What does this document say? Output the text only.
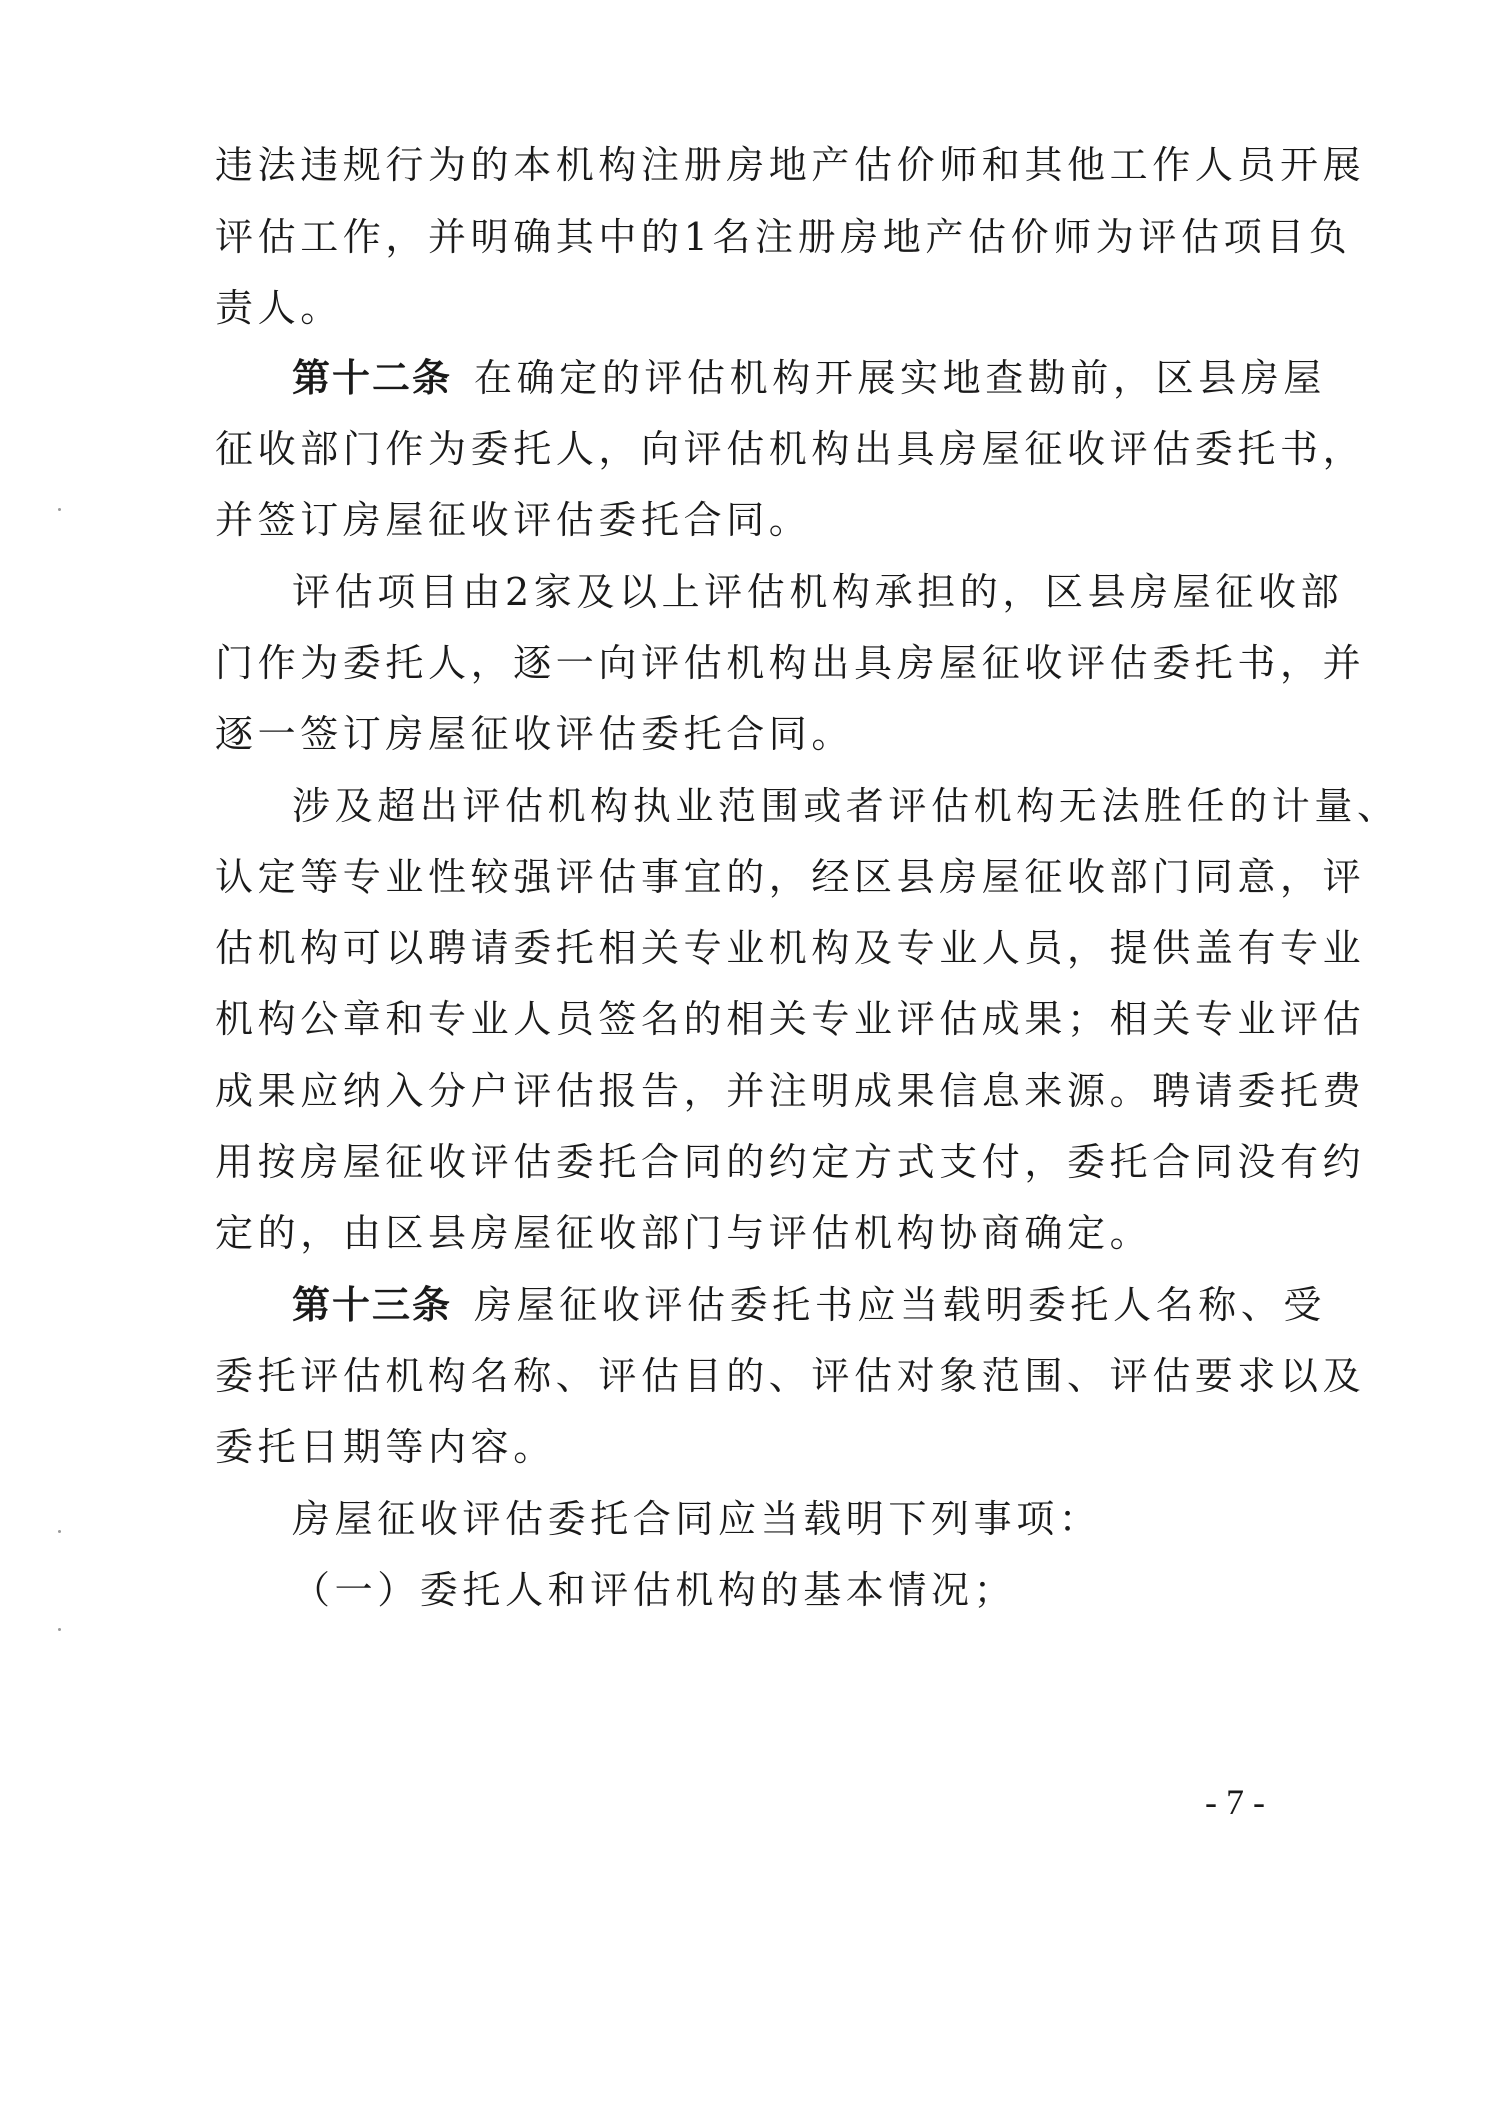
违法违规行为的本机构注册房地产估价师和其他工作人员开展
评估工作，并明确其中的1名注册房地产估价师为评估项目负
责人。
第十二条 在确定的评估机构开展实地查勘前，区县房屋
征收部门作为委托人，向评估机构出具房屋征收评估委托书，
并签订房屋征收评估委托合同。
评估项目由2家及以上评估机构承担的，区县房屋征收部
门作为委托人，逐一向评估机构出具房屋征收评估委托书，并
逐一签订房屋征收评估委托合同。
涉及超出评估机构执业范围或者评估机构无法胜任的计量、
认定等专业性较强评估事宜的，经区县房屋征收部门同意，评
估机构可以聘请委托相关专业机构及专业人员，提供盖有专业
机构公章和专业人员签名的相关专业评估成果；相关专业评估
成果应纳入分户评估报告，并注明成果信息来源。聘请委托费
用按房屋征收评估委托合同的约定方式支付，委托合同没有约
定的，由区县房屋征收部门与评估机构协商确定。
第十三条 房屋征收评估委托书应当载明委托人名称、受
委托评估机构名称、评估目的、评估对象范围、评估要求以及
委托日期等内容。
房屋征收评估委托合同应当载明下列事项：
（一）委托人和评估机构的基本情况；
- 7 -
